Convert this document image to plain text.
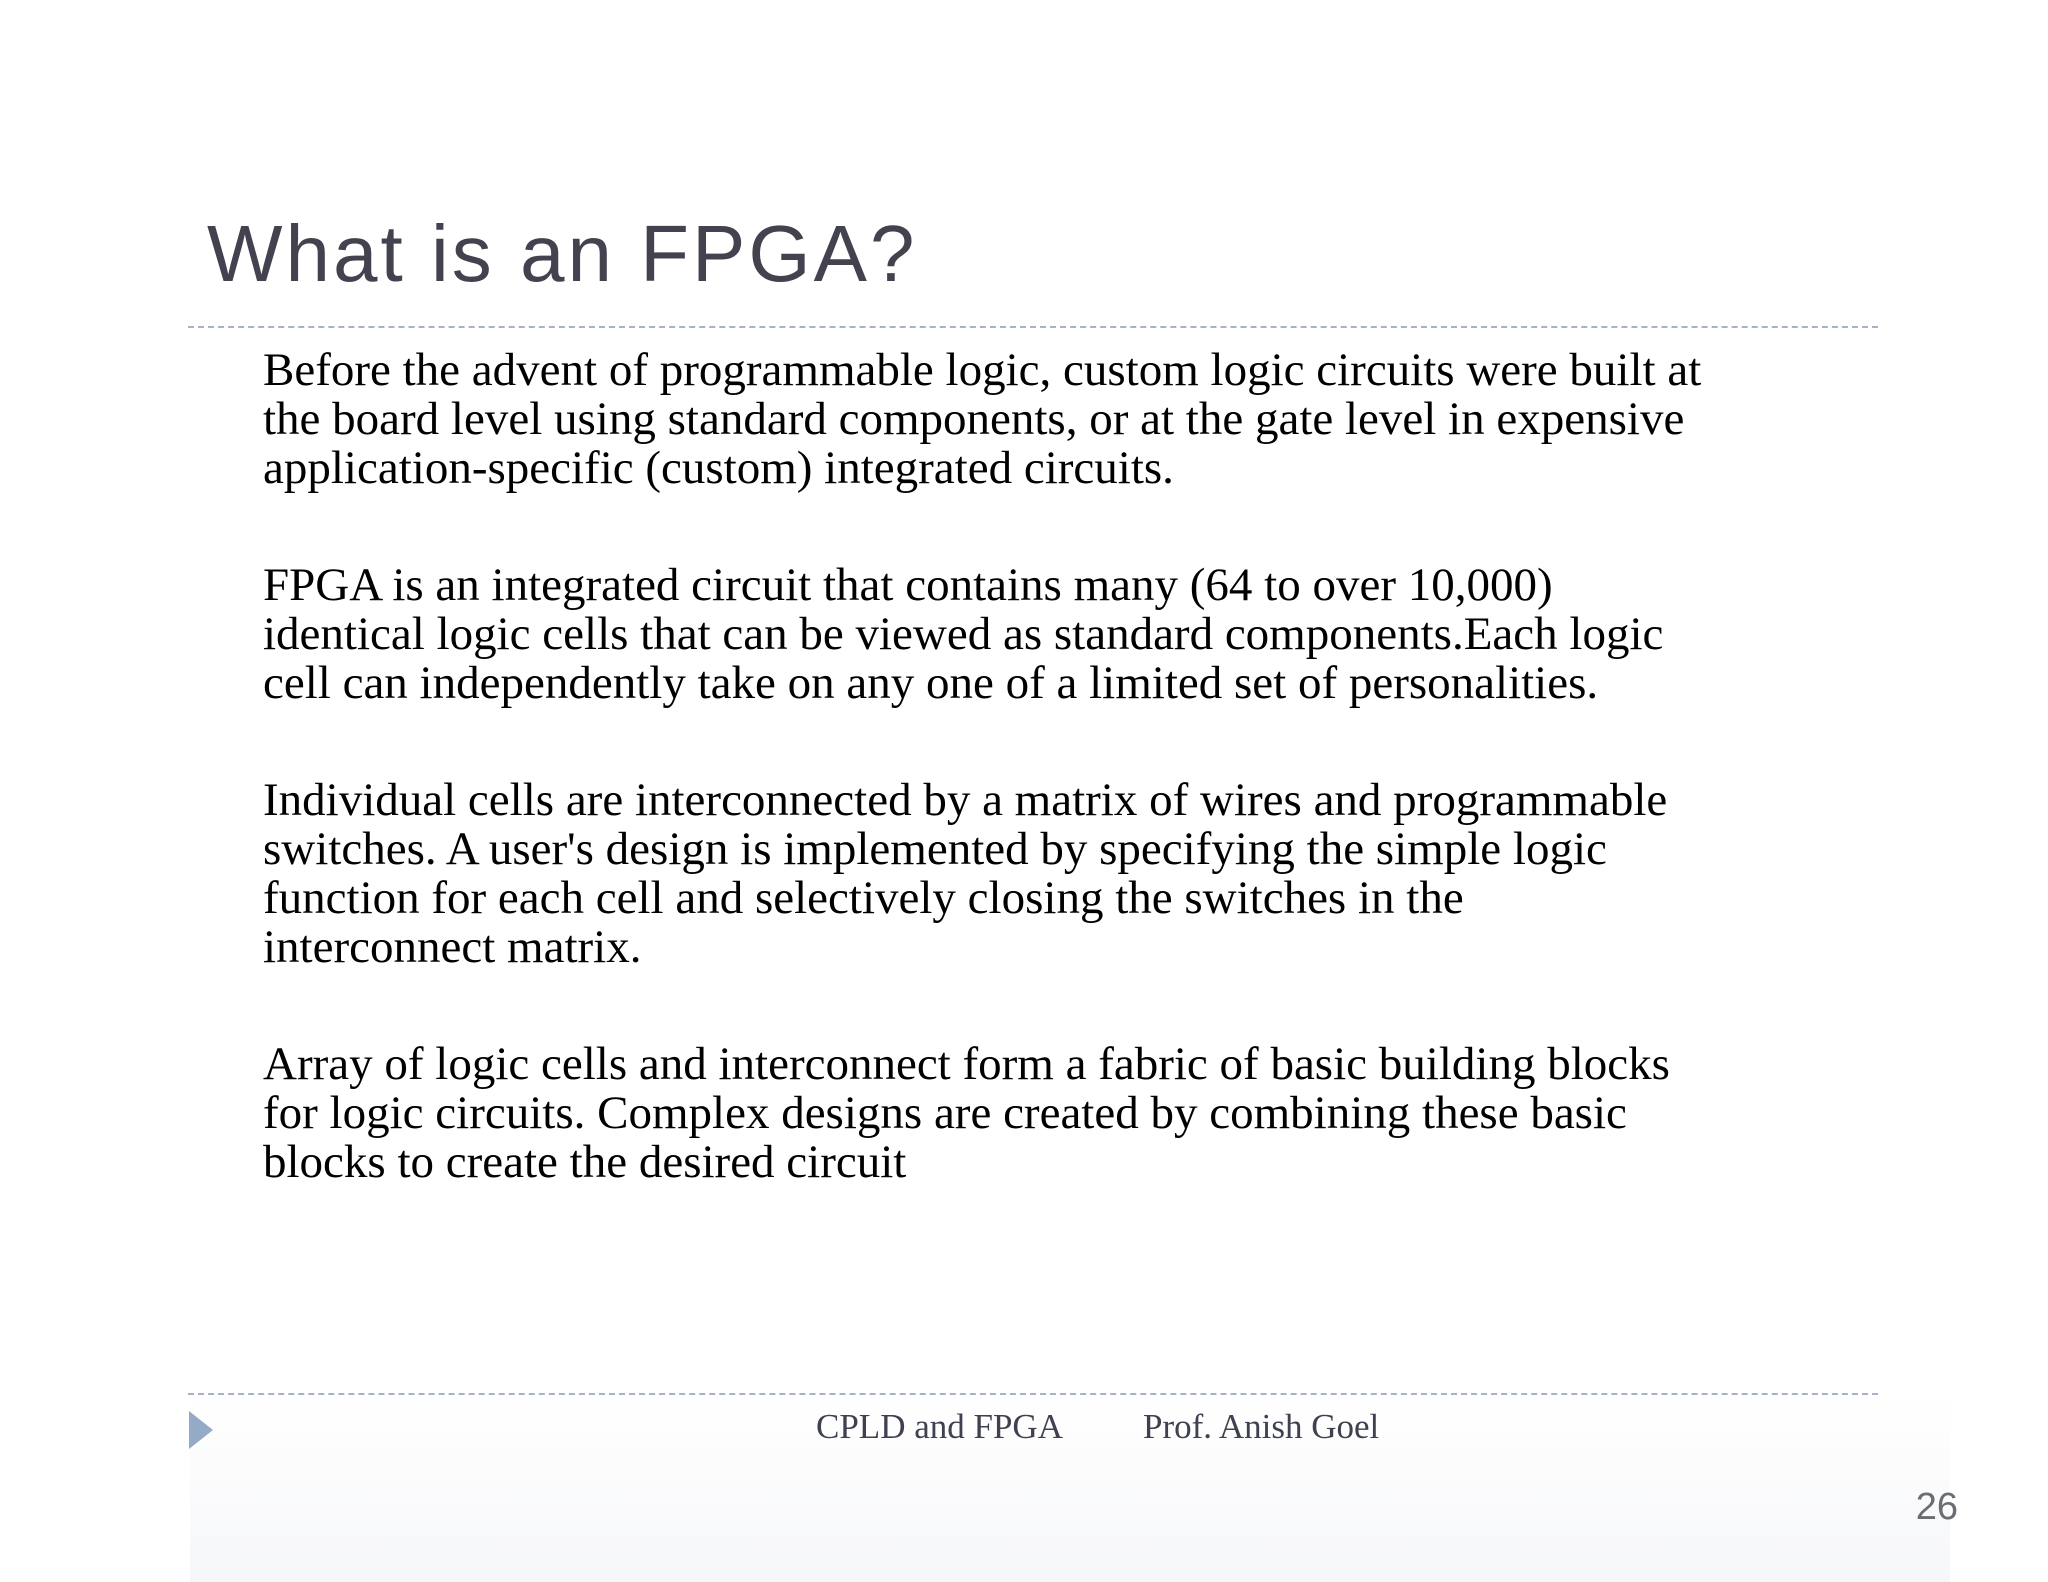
What is an FPGA?

Before the advent of programmable logic, custom logic circuits were built at
the board level using standard components, or at the gate level in expensive
application-specific (custom) integrated circuits.

FPGA is an integrated circuit that contains many (64 to over 10,000)
identical logic cells that can be viewed as standard components.Each logic
cell can independently take on any one of a limited set of personalities.

Individual cells are interconnected by a matrix of wires and programmable
switches. A user's design is implemented by specifying the simple logic
function for each cell and selectively closing the switches in the
interconnect matrix.

Array of logic cells and interconnect form a fabric of basic building blocks
for logic circuits. Complex designs are created by combining these basic
blocks to create the desired circuit

CPLD and FPGA Prof. Anish Goel
26
